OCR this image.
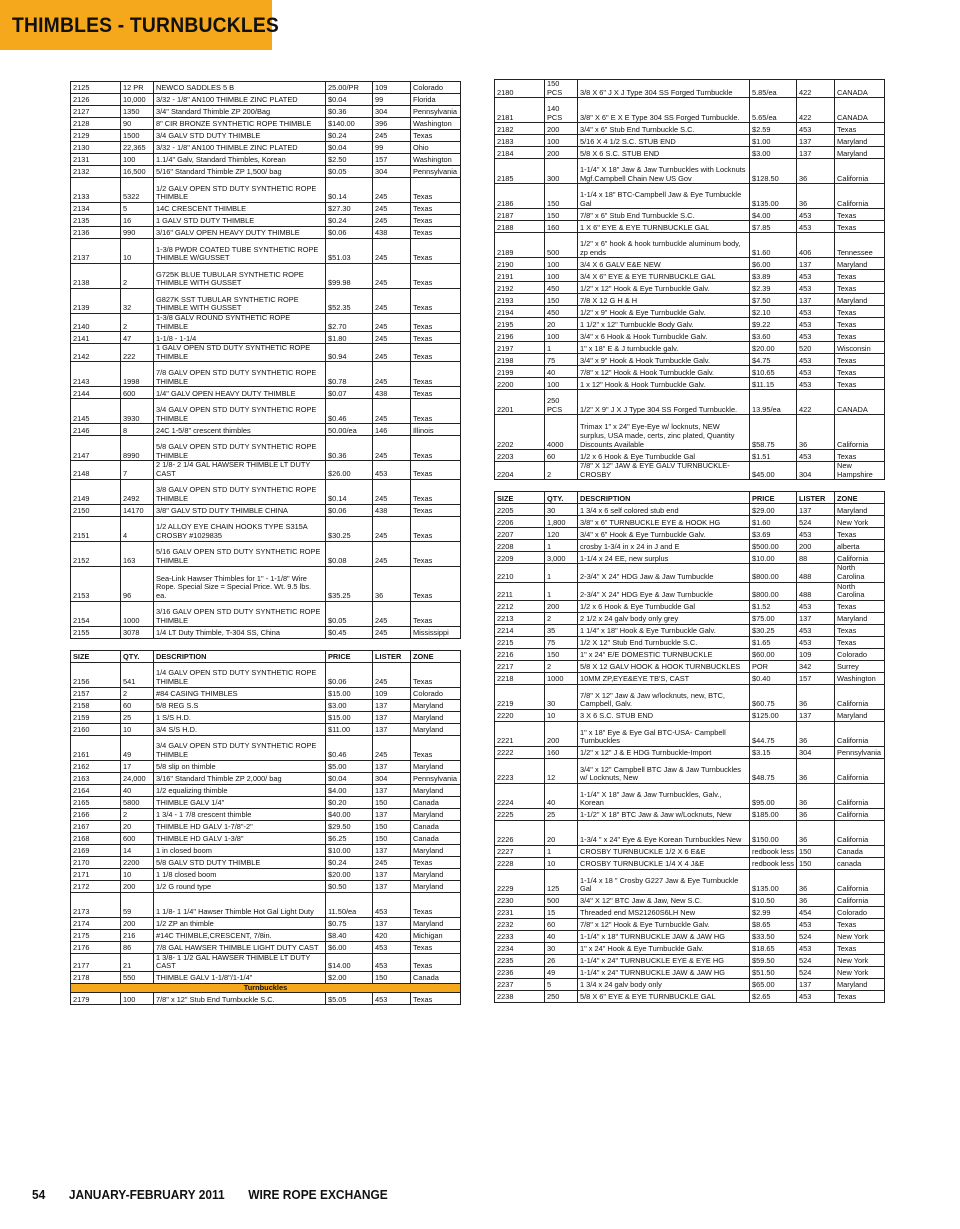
THIMBLES - TURNBUCKLES
2125	12 PR	NEWCO SADDLES 5 B	25.00/PR	109	Colorado
2126	10,000	3/32 - 1/8" AN100 THIMBLE ZINC PLATED	$0.04	99	Florida
2127	1350	3/4" Standard Thimble ZP 200/Bag	$0.36	304	Pennsylvania
2128	90	8" CIR BRONZE SYNTHETIC ROPE THIMBLE	$140.00	396	Washington
2129	1500	3/4 GALV STD DUTY THIMBLE	$0.24	245	Texas
2130	22,365	3/32 - 1/8" AN100 THIMBLE ZINC PLATED	$0.04	99	Ohio
2131	100	1.1/4" Galv, Standard Thimbles, Korean	$2.50	157	Washington
2132	16,500	5/16" Standard Thimble ZP 1,500/ bag	$0.05	304	Pennsylvania
2133	5322	1/2 GALV OPEN STD DUTY SYNTHETIC ROPE THIMBLE	$0.14	245	Texas
2134	5	14C CRESCENT THIMBLE	$27.30	245	Texas
2135	16	1 GALV STD DUTY THIMBLE	$0.24	245	Texas
2136	990	3/16" GALV OPEN HEAVY DUTY THIMBLE	$0.06	438	Texas
2137	10	1-3/8 PWDR COATED TUBE SYNTHETIC ROPE THIMBLE W/GUSSET	$51.03	245	Texas
2138	2	G725K BLUE TUBULAR SYNTHETIC ROPE THIMBLE WITH GUSSET	$99.98	245	Texas
2139	32	G827K SST TUBULAR SYNTHETIC ROPE THIMBLE WITH GUSSET	$52.35	245	Texas
2140	2	1-3/8 GALV ROUND SYNTHETIC ROPE THIMBLE	$2.70	245	Texas
2141	47	1-1/8 - 1-1/4	$1.80	245	Texas
2142	222	1 GALV OPEN STD DUTY SYNTHETIC ROPE THIMBLE	$0.94	245	Texas
2143	1998	7/8 GALV OPEN STD DUTY SYNTHETIC ROPE THIMBLE	$0.78	245	Texas
2144	600	1/4" GALV OPEN HEAVY DUTY THIMBLE	$0.07	438	Texas
2145	3930	3/4 GALV OPEN STD DUTY SYNTHETIC ROPE THIMBLE	$0.46	245	Texas
2146	8	24C 1-5/8" crescent thimbles	50.00/ea	146	Illinois
2147	8990	5/8 GALV OPEN STD DUTY SYNTHETIC ROPE THIMBLE	$0.36	245	Texas
2148	7	2 1/8- 2 1/4 GAL HAWSER THIMBLE LT DUTY CAST	$26.00	453	Texas
2149	2492	3/8 GALV OPEN STD DUTY SYNTHETIC ROPE THIMBLE	$0.14	245	Texas
2150	14170	3/8" GALV STD DUTY THIMBLE CHINA	$0.06	438	Texas
2151	4	1/2 ALLOY EYE CHAIN HOOKS TYPE S315A CROSBY #1029835	$30.25	245	Texas
2152	163	5/16 GALV OPEN STD DUTY SYNTHETIC ROPE THIMBLE	$0.08	245	Texas
2153	96	Sea-Link Hawser Thimbles for 1" - 1-1/8" Wire Rope. Special Size = Special Price. Wt. 9.5 lbs. ea.	$35.25	36	Texas
2154	1000	3/16 GALV OPEN STD DUTY SYNTHETIC ROPE THIMBLE	$0.05	245	Texas
2155	3078	1/4 LT Duty Thimble, T-304 SS, China	$0.45	245	Mississippi

SIZE	QTY.	DESCRIPTION	PRICE	LISTER	ZONE
2156	541	1/4 GALV OPEN STD DUTY SYNTHETIC ROPE THIMBLE	$0.06	245	Texas
2157	2	#84 CASING THIMBLES	$15.00	109	Colorado
2158	60	5/8 REG S.S	$3.00	137	Maryland
2159	25	1 S/S H.D.	$15.00	137	Maryland
2160	10	3/4 S/S H.D.	$11.00	137	Maryland
2161	49	3/4 GALV OPEN STD DUTY SYNTHETIC ROPE THIMBLE	$0.46	245	Texas
2162	17	5/8 slip on thimble	$5.00	137	Maryland
2163	24,000	3/16" Standard Thimble ZP 2,000/ bag	$0.04	304	Pennsylvania
2164	40	1/2 equalizing thimble	$4.00	137	Maryland
2165	5800	THIMBLE GALV 1/4"	$0.20	150	Canada
2166	2	1 3/4 - 1 7/8 crescent thimble	$40.00	137	Maryland
2167	20	THIMBLE HD GALV 1-7/8"-2"	$29.50	150	Canada
2168	600	THIMBLE HD GALV 1-3/8"	$6.25	150	Canada
2169	14	1 in closed boom	$10.00	137	Maryland
2170	2200	5/8 GALV STD DUTY THIMBLE	$0.24	245	Texas
2171	10	1 1/8 closed boom	$20.00	137	Maryland
2172	200	1/2 G round type	$0.50	137	Maryland
2173	59	1 1/8- 1 1/4" Hawser Thimble Hot Gal Light Duty	11.50/ea	453	Texas
2174	200	1/2 ZP an thimble	$0.75	137	Maryland
2175	216	#14C THIMBLE,CRESCENT, 7/8in.	$8.40	420	Michigan
2176	86	7/8 GAL HAWSER THIMBLE LIGHT DUTY CAST	$6.00	453	Texas
2177	21	1 3/8- 1 1/2 GAL HAWSER THIMBLE LT DUTY CAST	$14.00	453	Texas
2178	550	THIMBLE GALV 1-1/8"/1-1/4"	$2.00	150	Canada
Turnbuckles					
2179	100	7/8" x 12" Stub End Turnbuckle S.C.	$5.05	453	Texas
2180	150 PCS	3/8 X 6" J X J Type 304 SS Forged Turnbuckle	5.85/ea	422	CANADA
2181	140 PCS	3/8" X 6" E X E Type 304 SS Forged Turnbuckle.	5.65/ea	422	CANADA
2182	200	3/4" x 6" Stub End Turnbuckle S.C.	$2.59	453	Texas
2183	100	5/16 X 4 1/2 S.C. STUB END	$1.00	137	Maryland
2184	200	5/8 X 6 S.C. STUB END	$3.00	137	Maryland
2185	300	1-1/4" X 18" Jaw & Jaw Turnbuckles with Locknuts Mgf.Campbell Chain New US Gov	$128.50	36	California
2186	150	1-1/4 x 18" BTC-Campbell Jaw & Eye Turnbuckle Gal	$135.00	36	California
2187	150	7/8" x 6" Stub End Turnbuckle S.C.	$4.00	453	Texas
2188	160	1 X 6" EYE & EYE TURNBUCKLE GAL	$7.85	453	Texas
2189	500	1/2" x 6" hook & hook turnbuckle aluminum body, zp ends	$1.60	406	Tennessee
2190	100	3/4 X 6 GALV E&E NEW	$6.00	137	Maryland
2191	100	3/4 X 6" EYE & EYE TURNBUCKLE GAL	$3.89	453	Texas
2192	450	1/2" x 12" Hook & Eye Turnbuckle Galv.	$2.39	453	Texas
2193	150	7/8 X 12 G H & H	$7.50	137	Maryland
2194	450	1/2" x 9" Hook & Eye Turnbuckle Galv.	$2.10	453	Texas
2195	20	1 1/2" x 12" Turnbuckle Body Galv.	$9.22	453	Texas
2196	100	3/4" x 6 Hook & Hook Turnbuckle Galv.	$3.60	453	Texas
2197	1	1" x 18" E & J turnbuckle galv.	$20.00	520	Wisconsin
2198	75	3/4" x 9" Hook & Hook Turnbuckle Galv.	$4.75	453	Texas
2199	40	7/8" x 12" Hook & Hook Turnbuckle Galv.	$10.65	453	Texas
2200	100	1 x 12" Hook & Hook Turnbuckle Galv.	$11.15	453	Texas
2201	250 PCS	1/2" X 9" J X J Type 304 SS Forged Turnbuckle.	13.95/ea	422	CANADA
2202	4000	Trimax 1" x 24" Eye-Eye w/ locknuts, NEW surplus, USA made, certs, zinc plated, Quantity Discounts Available	$58.75	36	California
2203	60	1/2 x 6 Hook & Eye Turnbuckle Gal	$1.51	453	Texas
2204	2	7/8" X 12" JAW & EYE GALV TURNBUCKLE-CROSBY	$45.00	304	New Hampshire

SIZE	QTY.	DESCRIPTION	PRICE	LISTER	ZONE
2205	30	1 3/4 x 6 self colored stub end	$29.00	137	Maryland
2206	1,800	3/8" x 6" TURNBUCKLE EYE & HOOK HG	$1.60	524	New York
2207	120	3/4" x 6" Hook & Eye Turnbuckle Galv.	$3.69	453	Texas
2208	1	crosby 1-3/4 in x 24 in J and E	$500.00	200	alberta
2209	3,000	1-1/4 x 24 EE, new surplus	$10.00	88	California
2210	1	2-3/4" X 24" HDG Jaw & Jaw Turnbuckle	$800.00	488	North Carolina
2211	1	2-3/4" X 24" HDG Eye & Jaw Turnbuckle	$800.00	488	North Carolina
2212	200	1/2 x 6 Hook & Eye Turnbuckle Gal	$1.52	453	Texas
2213	2	2 1/2 x 24 galv body only grey	$75.00	137	Maryland
2214	35	1 1/4" x 18" Hook & Eye Turnbuckle Galv.	$30.25	453	Texas
2215	75	1/2 X 12" Stub End Turnbuckle S.C.	$1.65	453	Texas
2216	150	1" x 24" E/E DOMESTIC TURNBUCKLE	$60.00	109	Colorado
2217	2	5/8 X 12 GALV HOOK & HOOK TURNBUCKLES	POR	342	Surrey
2218	1000	10MM ZP,EYE&EYE TB'S, CAST	$0.40	157	Washington
2219	30	7/8" X 12" Jaw & Jaw w/locknuts, new, BTC, Campbell, Galv.	$60.75	36	California
2220	10	3 X 6 S.C. STUB END	$125.00	137	Maryland
2221	200	1" x 18" Eye & Eye Gal BTC-USA- Campbell Turnbuckles	$44.75	36	California
2222	160	1/2" x 12" J & E HDG Turnbuckle-Import	$3.15	304	Pennsylvania
2223	12	3/4" x 12" Campbell BTC Jaw & Jaw Turnbuckles w/ Locknuts, New	$48.75	36	California
2224	40	1-1/4" X 18" Jaw & Jaw Turnbuckles, Galv., Korean	$95.00	36	California
2225	25	1-1/2" X 18" BTC Jaw & Jaw w/Locknuts, New	$185.00	36	California
2226	20	1-3/4 " x 24" Eye & Eye Korean Turnbuckles New	$150.00	36	California
2227	1	CROSBY TURNBUCKLE 1/2 X 6 E&E	redbook less	150	Canada
2228	10	CROSBY TURNBUCKLE 1/4 X 4 J&E	redbook less	150	canada
2229	125	1-1/4 x 18 " Crosby G227 Jaw & Eye Turnbuckle Gal	$135.00	36	California
2230	500	3/4" X 12" BTC Jaw & Jaw, New S.C.	$10.50	36	California
2231	15	Threaded end MS21260S6LH New	$2.99	454	Colorado
2232	60	7/8" x 12" Hook & Eye Turnbuckle Galv.	$8.65	453	Texas
2233	40	1-1/4" x 18" TURNBUCKLE JAW & JAW HG	$33.50	524	New York
2234	30	1" x 24" Hook & Eye Turnbuckle Galv.	$18.65	453	Texas
2235	26	1-1/4" x 24" TURNBUCKLE EYE & EYE HG	$59.50	524	New York
2236	49	1-1/4" x 24" TURNBUCKLE JAW & JAW HG	$51.50	524	New York
2237	5	1 3/4 x 24 galv body only	$65.00	137	Maryland
2238	250	5/8 X 6" EYE & EYE TURNBUCKLE GAL	$2.65	453	Texas
54 JANUARY-FEBRUARY 2011 WIRE ROPE EXCHANGE
